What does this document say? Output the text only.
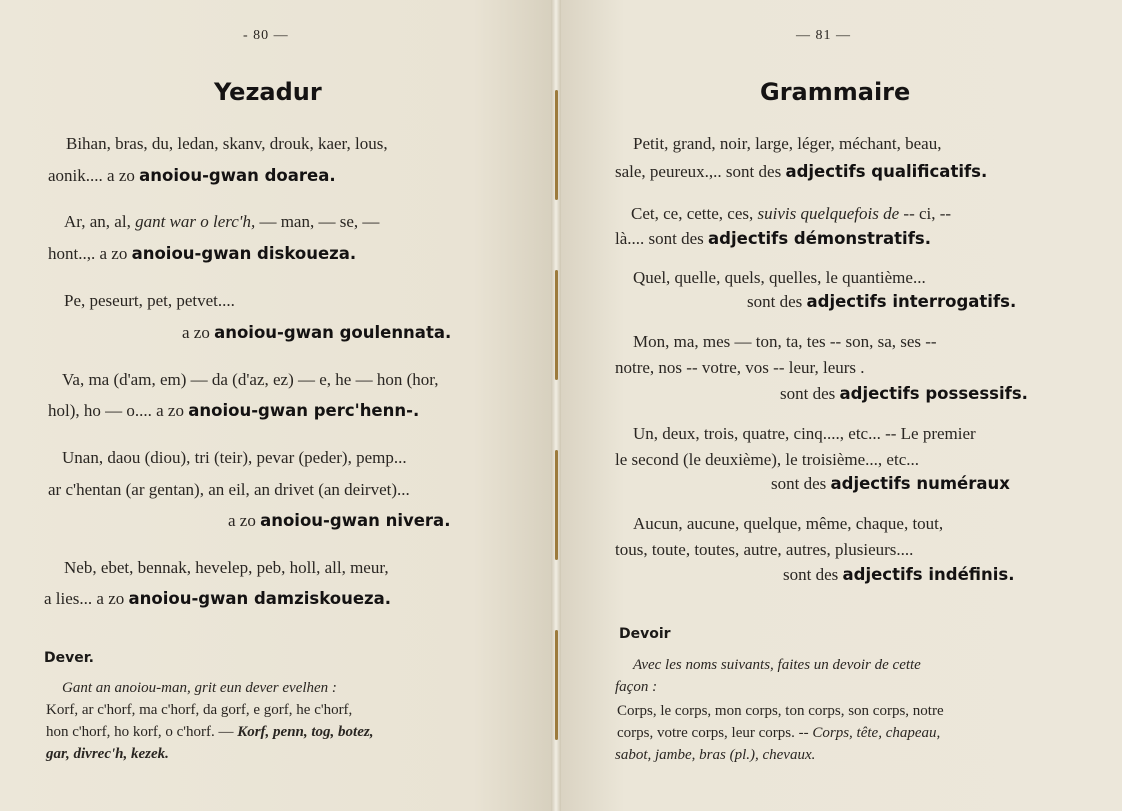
- 80 —
Yezadur
Bihan, bras, du, ledan, skanv, drouk, kaer, lous,
aonik.... a zo anoiou-gwan doarea.
Ar, an, al, gant war o lerc'h, — man, — se, —
hont..,. a zo anoiou-gwan diskoueza.
Pe, peseurt, pet, petvet....
a zo anoiou-gwan goulennata.
Va, ma (d'am, em) — da (d'az, ez) — e, he — hon (hor,
hol), ho — o.... a zo anoiou-gwan perc'henn-.
Unan, daou (diou), tri (teir), pevar (peder), pemp...
ar c'hentan (ar gentan), an eil, an drivet (an deirvet)...
a zo anoiou-gwan nivera.
Neb, ebet, bennak, hevelep, peb, holl, all, meur,
a lies... a zo anoiou-gwan damziskoueza.
Dever.
Gant an anoiou-man, grit eun dever evelhen :
Korf, ar c'horf, ma c'horf, da gorf, e gorf, he c'horf,
hon c'horf, ho korf, o c'horf. — Korf, penn, tog, botez,
gar, divrec'h, kezek.
— 81 —
Grammaire
Petit, grand, noir, large, léger, méchant, beau,
sale, peureux.,.. sont des adjectifs qualificatifs.
Cet, ce, cette, ces, suivis quelquefois de -- ci, --
là.... sont des adjectifs démonstratifs.
Quel, quelle, quels, quelles, le quantième...
sont des adjectifs interrogatifs.
Mon, ma, mes — ton, ta, tes -- son, sa, ses --
notre, nos -- votre, vos -- leur, leurs .
sont des adjectifs possessifs.
Un, deux, trois, quatre, cinq...., etc... -- Le premier
le second (le deuxième), le troisième..., etc...
sont des adjectifs numéraux
Aucun, aucune, quelque, même, chaque, tout,
tous, toute, toutes, autre, autres, plusieurs....
sont des adjectifs indéfinis.
Devoir
Avec les noms suivants, faites un devoir de cette
façon :
Corps, le corps, mon corps, ton corps, son corps, notre
corps, votre corps, leur corps. -- Corps, tête, chapeau,
sabot, jambe, bras (pl.), chevaux.
